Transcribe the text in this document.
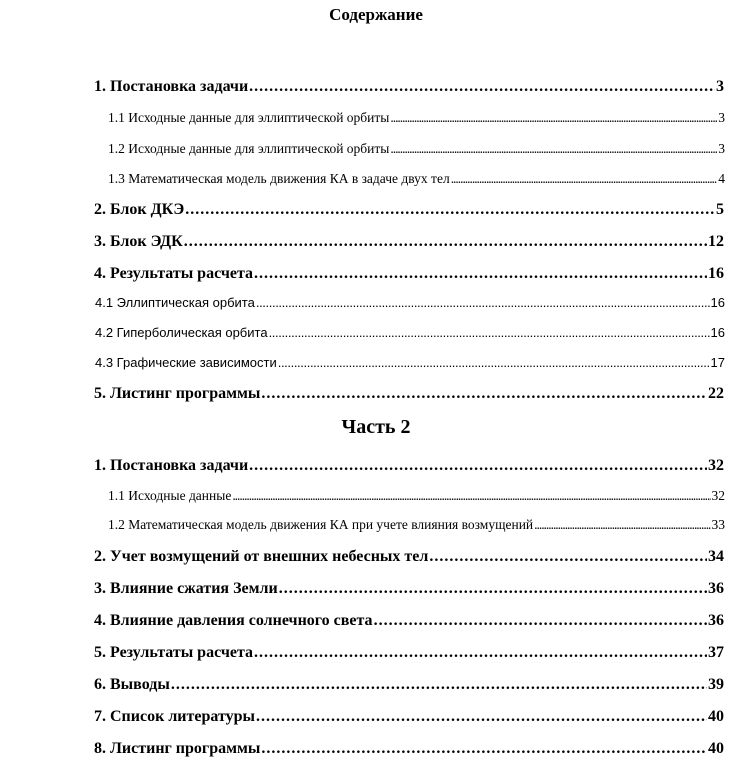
Содержание
1. Постановка задачи . . .	3
1.1 Исходные данные для эллиптической орбиты . . .	3
1.2 Исходные данные для эллиптической орбиты . . .	3
1.3 Математическая модель движения КА в задаче двух тел . . .	4
2. Блок ДКЭ . . .	5
3. Блок ЭДК . . .	12
4. Результаты расчета . . .	16
4.1 Эллиптическая орбита . . .	16
4.2 Гиперболическая орбита . . .	16
4.3 Графические зависимости . . .	17
5. Листинг программы . . .	22
Часть 2
1. Постановка задачи . . .	32
1.1 Исходные данные . . .	32
1.2 Математическая модель движения КА при учете влияния возмущений . . .	33
2. Учет возмущений от внешних небесных тел . . .	34
3. Влияние сжатия Земли . . .	36
4. Влияние давления солнечного света . . .	36
5. Результаты расчета . . .	37
6. Выводы . . .	39
7. Список литературы . . .	40
8. Листинг программы . . .	40
